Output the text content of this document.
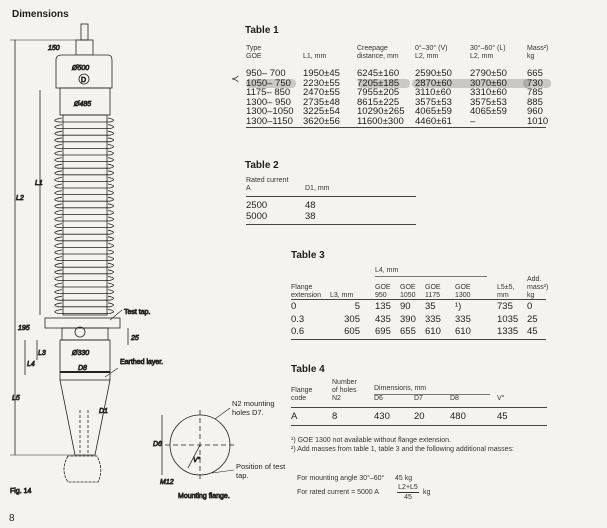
Dimensions
150
Ø500
Ø485
L1
L2
195
25
L3
L4
Ø330
D8
L5
D1
D6
M12
V°
D
Test tap.
Earthed layer.
Mounting flange.
Fig. 14
N2 mounting holes D7.
Position of test tap.
Table 1
≺
Table 2
Table 3
L4, mm
Table 4
Dimensions, mm
¹) GOE 1300 not available without flange extension.
²) Add masses from table 1, table 3 and the following additional masses:
For mounting angle 30°–60° 45 kg
For rated current = 5000 A
L2+L5
45
kg
8
Type
GOE	L1, mm
Creepage
distance, mm
0°–30° (V)
L2, mm
30°–60° (L)
L2, mm
Mass²)
kg
950– 700 1950±45 6245±160 2590±50 2790±50 665
1050– 750 2230±55 7205±185 2870±60 3070±60 730
1175– 850 2470±55 7955±205 3110±60 3310±60 785
1300– 950 2735±48 8615±225 3575±53 3575±53 885
1300–1050 3225±54 10290±265 4065±59 4065±59 960
1300–1150 3620±56 11600±300 4460±61 –	1010
Rated current
A	D1, mm
2500	48
5000	38
Flange
extension L3, mm
GOE
950
GOE
1050
GOE
1175
GOE
1300
L5±5,
mm
Add.
mass²)
kg
0	5 135 90 35 ¹)	735 0
0.3	305 435 390 335 335	1035 25
0.6	605 695 655 610 610	1335 45
Flange
code
Number
of holes
N2	D6	D7	D8	V°
A	8	430	20	480	45
